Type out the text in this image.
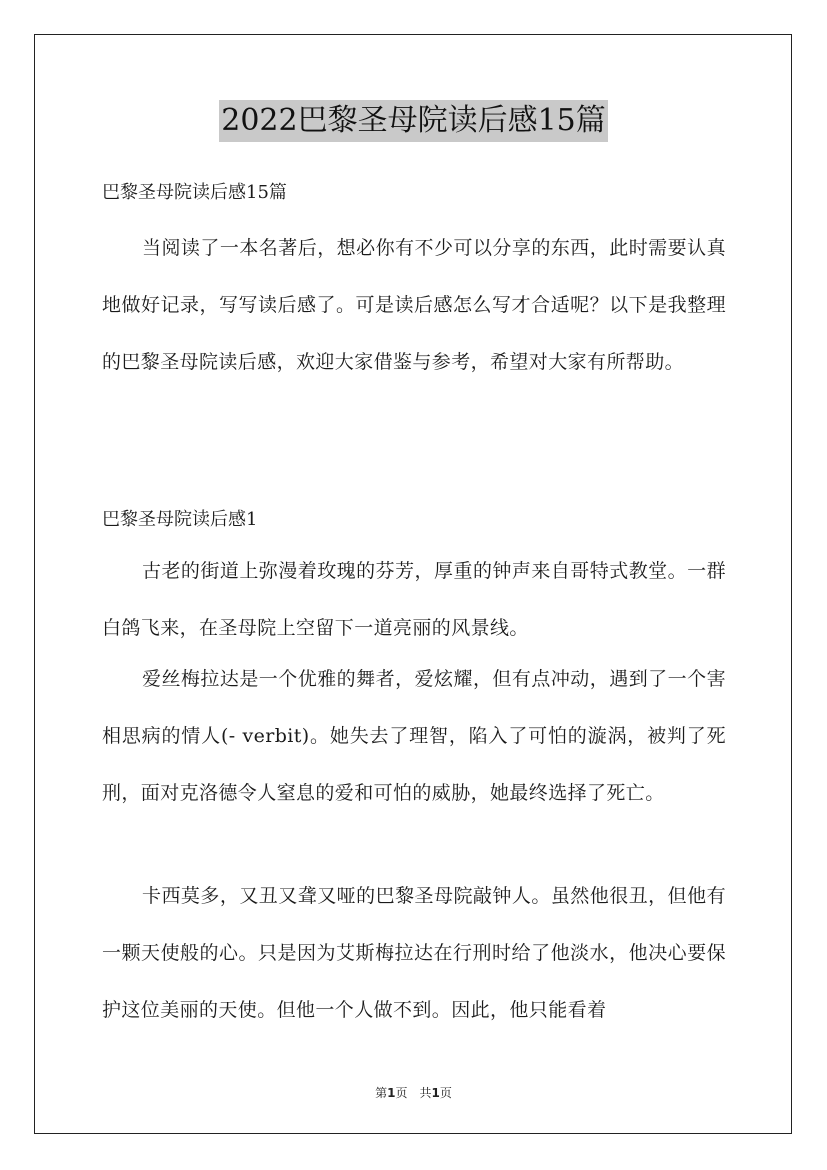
2022巴黎圣母院读后感15篇
巴黎圣母院读后感15篇

当阅读了一本名著后，想必你有不少可以分享的东西，此时需要认真地做好记录，写写读后感了。可是读后感怎么写才合适呢？以下是我整理的巴黎圣母院读后感，欢迎大家借鉴与参考，希望对大家有所帮助。

巴黎圣母院读后感1

古老的街道上弥漫着玫瑰的芬芳，厚重的钟声来自哥特式教堂。一群白鸽飞来，在圣母院上空留下一道亮丽的风景线。

爱丝梅拉达是一个优雅的舞者，爱炫耀，但有点冲动，遇到了一个害相思病的情人(- verbit)。她失去了理智，陷入了可怕的漩涡，被判了死刑，面对克洛德令人窒息的爱和可怕的威胁，她最终选择了死亡。

卡西莫多，又丑又聋又哑的巴黎圣母院敲钟人。虽然他很丑，但他有一颗天使般的心。只是因为艾斯梅拉达在行刑时给了他淡水，他决心要保护这位美丽的天使。但他一个人做不到。因此，他只能看着

第1页　共1页
